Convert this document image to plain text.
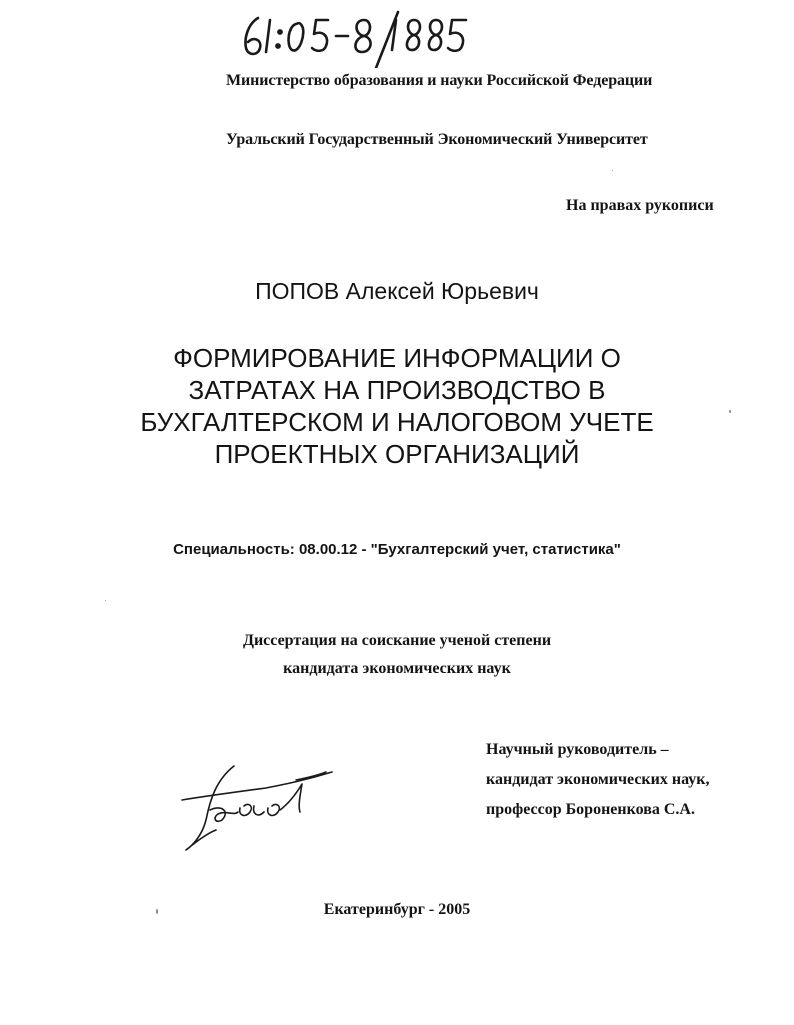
Министерство образования и науки Российской Федерации
Уральский Государственный Экономический Университет
На правах рукописи
ПОПОВ Алексей Юрьевич
ФОРМИРОВАНИЕ ИНФОРМАЦИИ О
ЗАТРАТАХ НА ПРОИЗВОДСТВО В
БУХГАЛТЕРСКОМ И НАЛОГОВОМ УЧЕТЕ
ПРОЕКТНЫХ ОРГАНИЗАЦИЙ
Специальность: 08.00.12 - "Бухгалтерский учет, статистика"
Диссертация на соискание ученой степени
кандидата экономических наук
Научный руководитель –
кандидат экономических наук,
профессор Бороненкова С.А.
Екатеринбург - 2005
